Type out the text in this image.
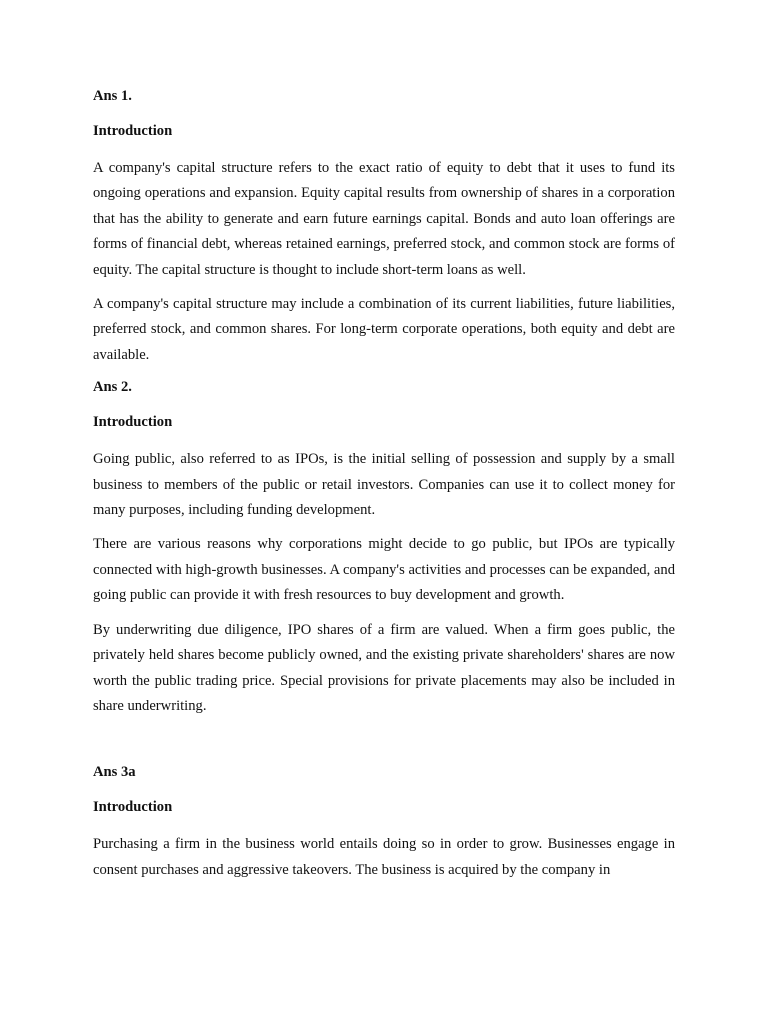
Ans 1.
Introduction

A company's capital structure refers to the exact ratio of equity to debt that it uses to fund its ongoing operations and expansion. Equity capital results from ownership of shares in a corporation that has the ability to generate and earn future earnings capital. Bonds and auto loan offerings are forms of financial debt, whereas retained earnings, preferred stock, and common stock are forms of equity. The capital structure is thought to include short-term loans as well.

A company's capital structure may include a combination of its current liabilities, future liabilities, preferred stock, and common shares. For long-term corporate operations, both equity and debt are available.

Ans 2.
Introduction

Going public, also referred to as IPOs, is the initial selling of possession and supply by a small business to members of the public or retail investors. Companies can use it to collect money for many purposes, including funding development.

There are various reasons why corporations might decide to go public, but IPOs are typically connected with high-growth businesses. A company's activities and processes can be expanded, and going public can provide it with fresh resources to buy development and growth.

By underwriting due diligence, IPO shares of a firm are valued. When a firm goes public, the privately held shares become publicly owned, and the existing private shareholders' shares are now worth the public trading price. Special provisions for private placements may also be included in share underwriting.

Ans 3a
Introduction

Purchasing a firm in the business world entails doing so in order to grow. Businesses engage in consent purchases and aggressive takeovers. The business is acquired by the company in
